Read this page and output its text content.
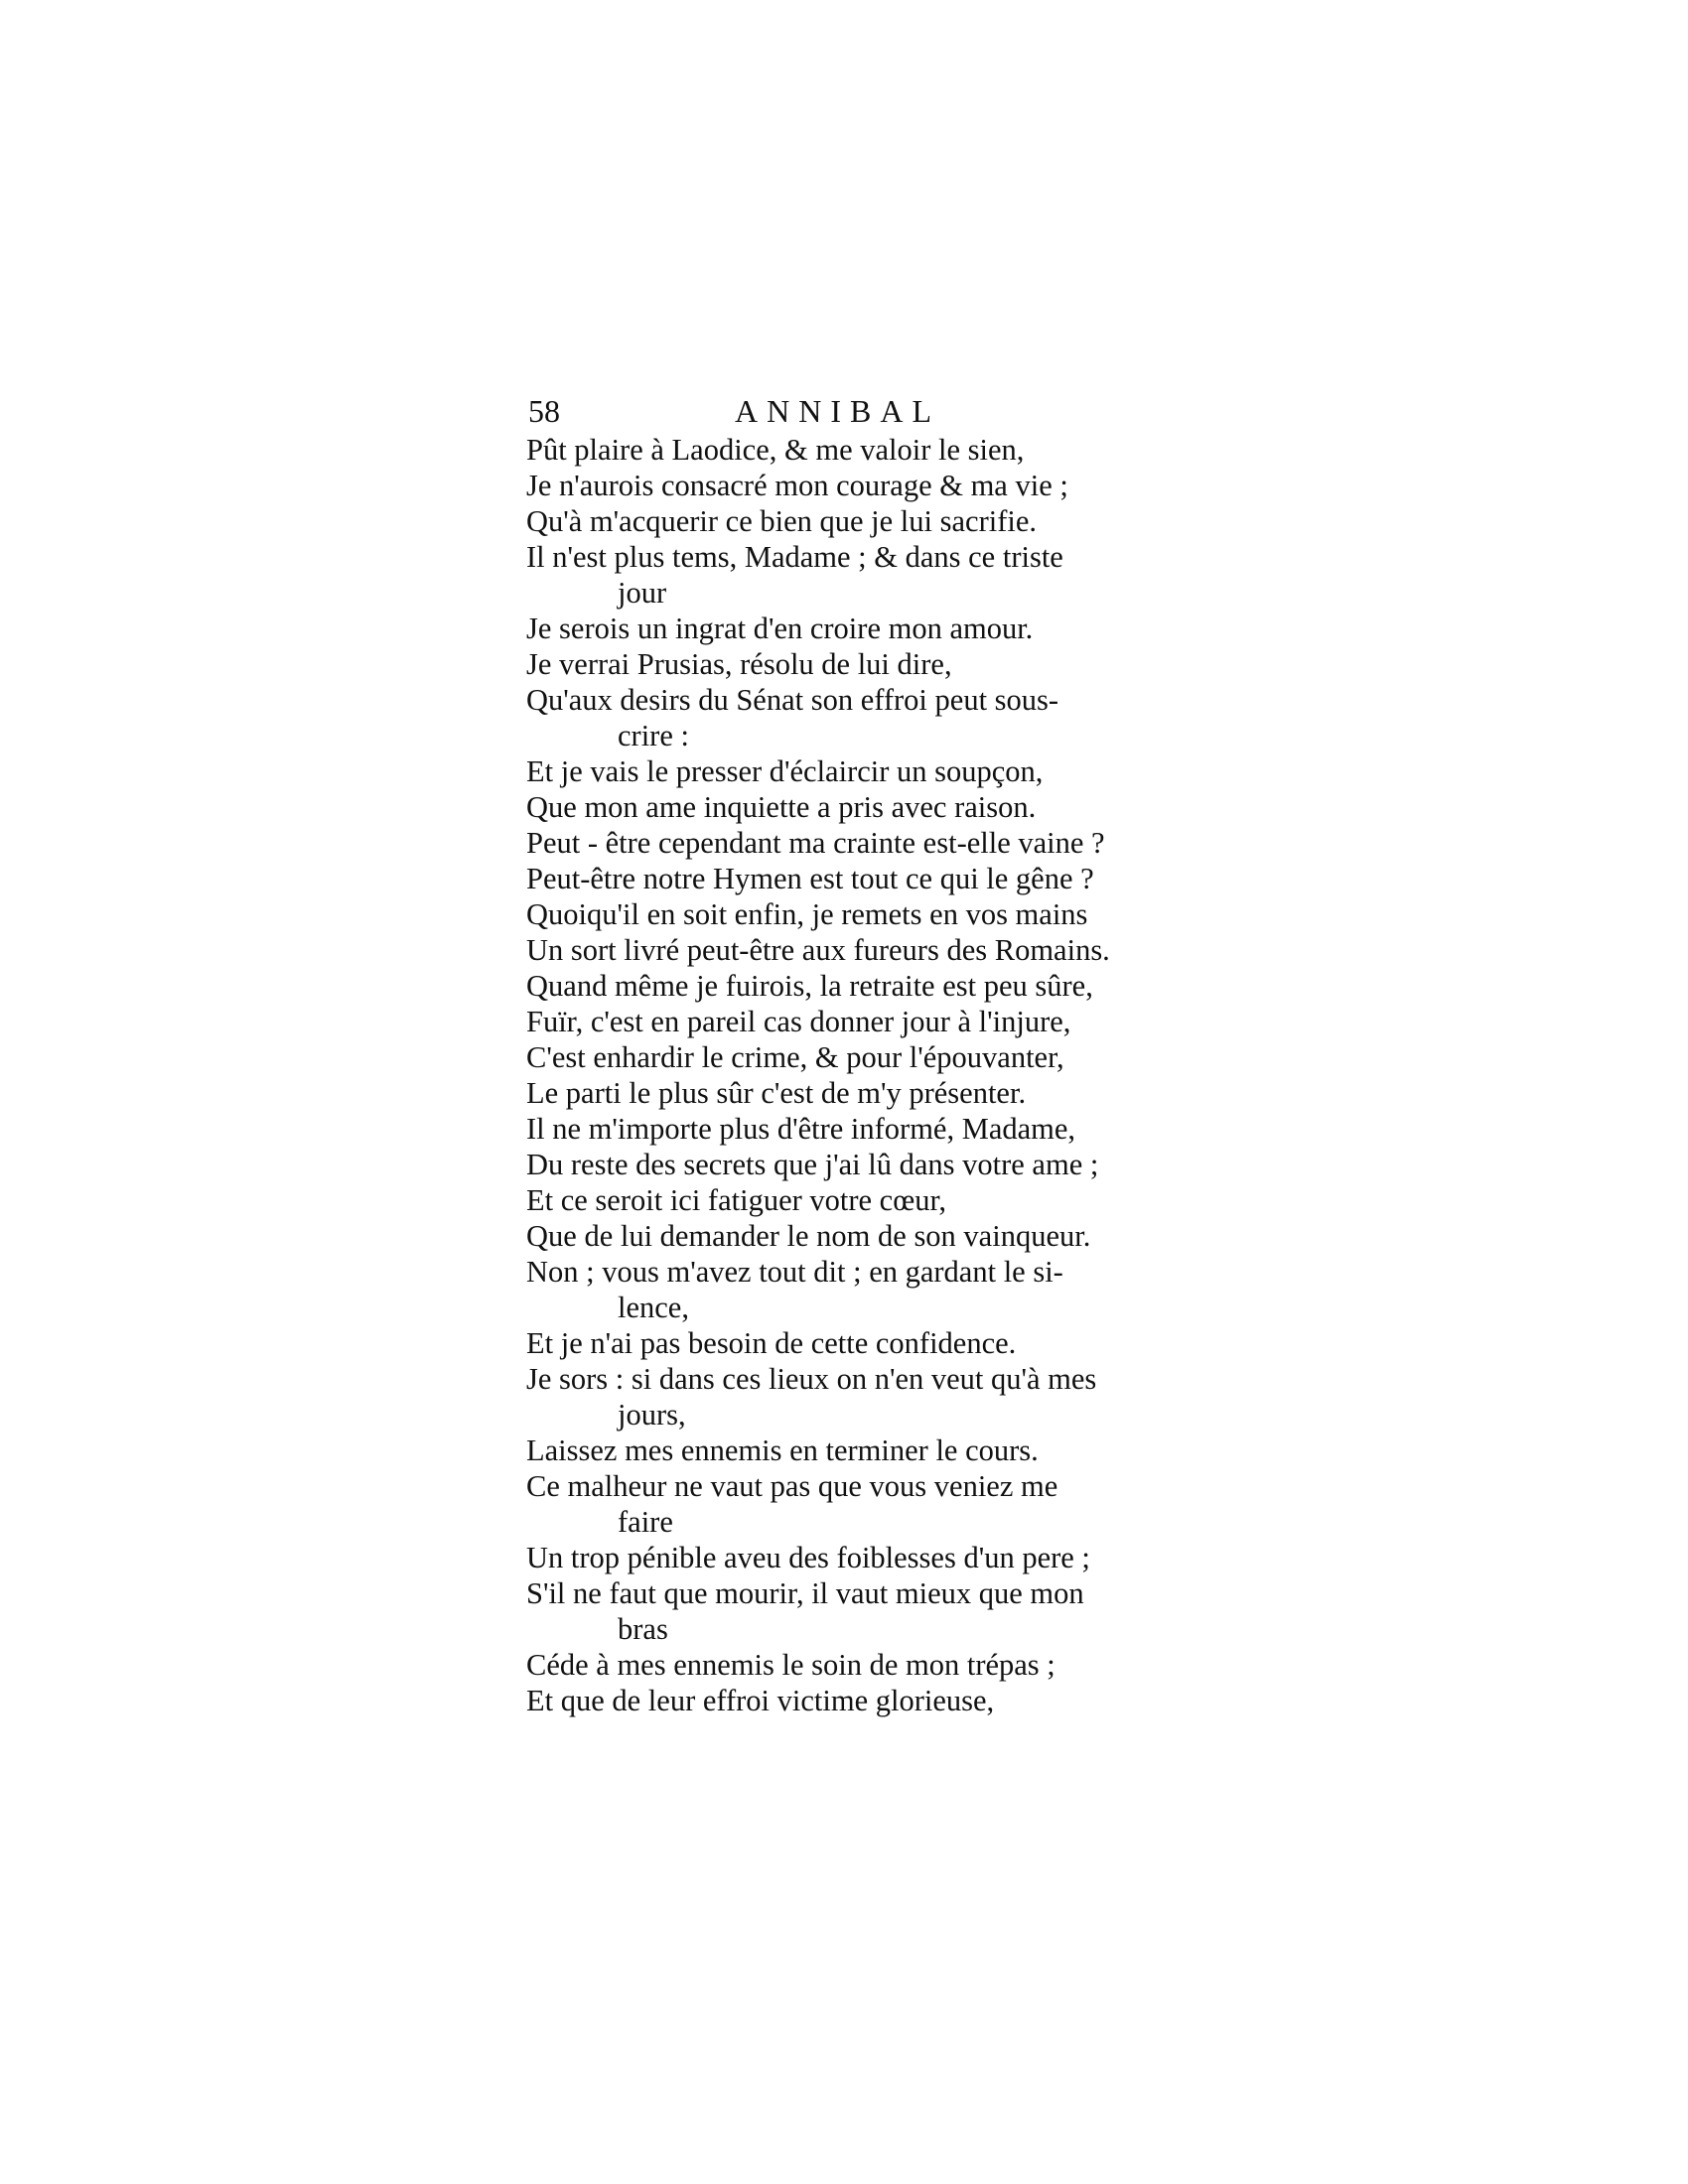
58	ANNIBAL
Pût plaire à Laodice, & me valoir le sien,
Je n'aurois consacré mon courage & ma vie ;
Qu'à m'acquerir ce bien que je lui sacrifie.
Il n'est plus tems, Madame ; & dans ce triste
jour
Je serois un ingrat d'en croire mon amour.
Je verrai Prusias, résolu de lui dire,
Qu'aux desirs du Sénat son effroi peut sous-
crire :
Et je vais le presser d'éclaircir un soupçon,
Que mon ame inquiette a pris avec raison.
Peut - être cependant ma crainte est-elle vaine ?
Peut-être notre Hymen est tout ce qui le gêne ?
Quoiqu'il en soit enfin, je remets en vos mains
Un sort livré peut-être aux fureurs des Romains.
Quand même je fuirois, la retraite est peu sûre,
Fuïr, c'est en pareil cas donner jour à l'injure,
C'est enhardir le crime, & pour l'épouvanter,
Le parti le plus sûr c'est de m'y présenter.
Il ne m'importe plus d'être informé, Madame,
Du reste des secrets que j'ai lû dans votre ame ;
Et ce seroit ici fatiguer votre cœur,
Que de lui demander le nom de son vainqueur.
Non ; vous m'avez tout dit ; en gardant le si-
lence,
Et je n'ai pas besoin de cette confidence.
Je sors : si dans ces lieux on n'en veut qu'à mes
jours,
Laissez mes ennemis en terminer le cours.
Ce malheur ne vaut pas que vous veniez me
faire
Un trop pénible aveu des foiblesses d'un pere ;
S'il ne faut que mourir, il vaut mieux que mon
bras
Céde à mes ennemis le soin de mon trépas ;
Et que de leur effroi victime glorieuse,
